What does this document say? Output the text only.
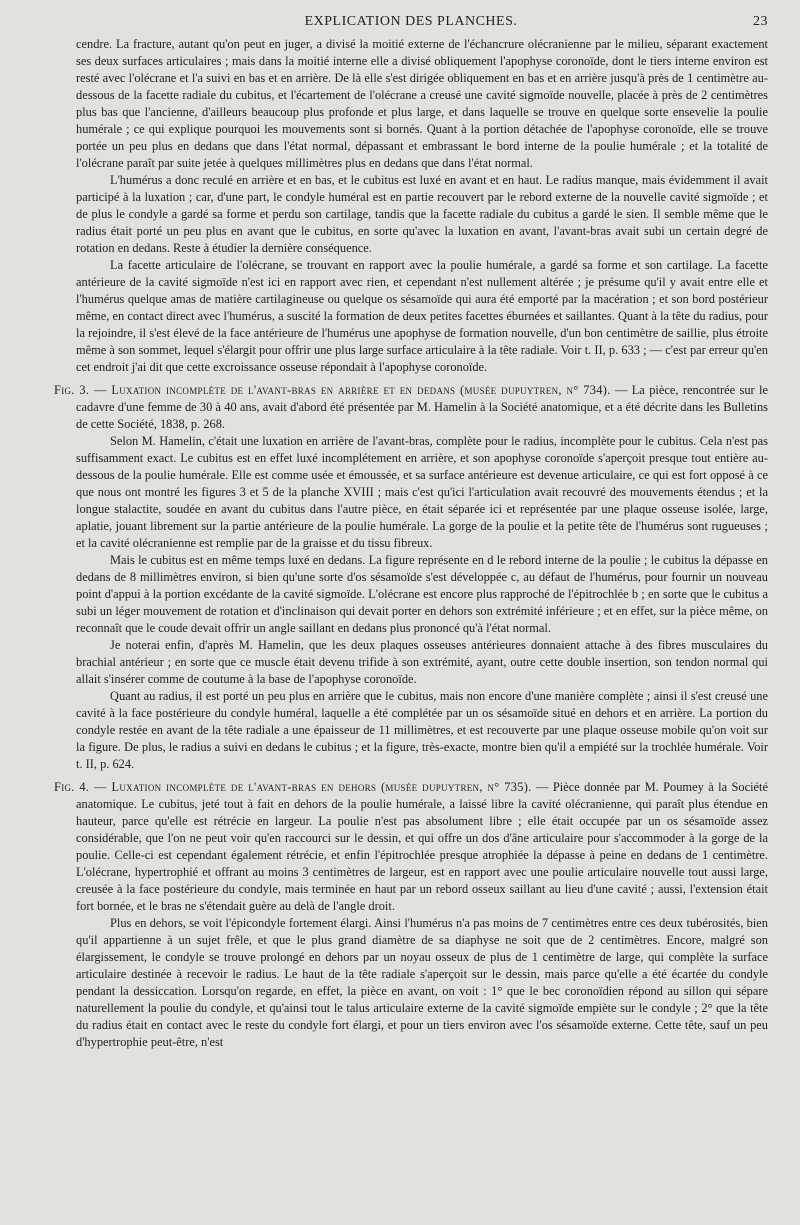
EXPLICATION DES PLANCHES.	23

cendre. La fracture, autant qu'on peut en juger, a divisé la moitié externe de l'échancrure olécranienne par le milieu, séparant exactement ses deux surfaces articulaires ; mais dans la moitié interne elle a divisé obliquement l'apophyse coronoïde, dont le tiers interne environ est resté avec l'olécrane et l'a suivi en bas et en arrière. De là elle s'est dirigée obliquement en bas et en arrière jusqu'à près de 1 centimètre au-dessous de la facette radiale du cubitus, et l'écartement de l'olécrane a creusé une cavité sigmoïde nouvelle, placée à près de 2 centimètres plus bas que l'ancienne, d'ailleurs beaucoup plus profonde et plus large, et dans laquelle se trouve en quelque sorte ensevelie la poulie humérale ; ce qui explique pourquoi les mouvements sont si bornés. Quant à la portion détachée de l'apophyse coronoïde, elle se trouve portée un peu plus en dedans que dans l'état normal, dépassant et embrassant le bord interne de la poulie humérale ; et la totalité de l'olécrane paraît par suite jetée à quelques millimètres plus en dedans que dans l'état normal.

L'humérus a donc reculé en arrière et en bas, et le cubitus est luxé en avant et en haut. Le radius manque, mais évidemment il avait participé à la luxation ; car, d'une part, le condyle huméral est en partie recouvert par le rebord externe de la nouvelle cavité sigmoïde ; et de plus le condyle a gardé sa forme et perdu son cartilage, tandis que la facette radiale du cubitus a gardé le sien. Il semble même que le radius était porté un peu plus en avant que le cubitus, en sorte qu'avec la luxation en avant, l'avant-bras avait subi un certain degré de rotation en dedans. Reste à étudier la dernière conséquence.

La facette articulaire de l'olécrane, se trouvant en rapport avec la poulie humérale, a gardé sa forme et son cartilage. La facette antérieure de la cavité sigmoïde n'est ici en rapport avec rien, et cependant n'est nullement altérée ; je présume qu'il y avait entre elle et l'humérus quelque amas de matière cartilagineuse ou quelque os sésamoïde qui aura été emporté par la macération ; et son bord postérieur même, en contact direct avec l'humérus, a suscité la formation de deux petites facettes éburnées et saillantes. Quant à la tête du radius, pour la rejoindre, il s'est élevé de la face antérieure de l'humérus une apophyse de formation nouvelle, d'un bon centimètre de saillie, plus étroite même à son sommet, lequel s'élargit pour offrir une plus large surface articulaire à la tête radiale. Voir t. II, p. 633 ; — c'est par erreur qu'en cet endroit j'ai dit que cette excroissance osseuse répondait à l'apophyse coronoïde.

Fig. 3. — Luxation incomplète de l'avant-bras en arrière et en dedans (musée dupuytren, n° 734). — La pièce, rencontrée sur le cadavre d'une femme de 30 à 40 ans, avait d'abord été présentée par M. Hamelin à la Société anatomique, et a été décrite dans les Bulletins de cette Société, 1838, p. 268.

Selon M. Hamelin, c'était une luxation en arrière de l'avant-bras, complète pour le radius, incomplète pour le cubitus. Cela n'est pas suffisamment exact. Le cubitus est en effet luxé incomplétement en arrière, et son apophyse coronoïde s'aperçoit presque tout entière au-dessous de la poulie humérale. Elle est comme usée et émoussée, et sa surface antérieure est devenue articulaire, ce qui est fort opposé à ce que nous ont montré les figures 3 et 5 de la planche XVIII ; mais c'est qu'ici l'articulation avait recouvré des mouvements étendus ; et la longue stalactite, soudée en avant du cubitus dans l'autre pièce, en était séparée ici et représentée par une plaque osseuse isolée, large, aplatie, jouant librement sur la partie antérieure de la poulie humérale. La gorge de la poulie et la petite tête de l'humérus sont rugueuses ; et la cavité olécranienne est remplie par de la graisse et du tissu fibreux.

Mais le cubitus est en même temps luxé en dedans. La figure représente en d le rebord interne de la poulie ; le cubitus la dépasse en dedans de 8 millimètres environ, si bien qu'une sorte d'os sésamoïde s'est développée c, au défaut de l'humérus, pour fournir un nouveau point d'appui à la portion excédante de la cavité sigmoïde. L'olécrane est encore plus rapproché de l'épitrochlée b ; en sorte que le cubitus a subi un léger mouvement de rotation et d'inclinaison qui devait porter en dehors son extrémité inférieure ; et en effet, sur la pièce même, on reconnaît que le coude devait offrir un angle saillant en dedans plus prononcé qu'à l'état normal.

Je noterai enfin, d'après M. Hamelin, que les deux plaques osseuses antérieures donnaient attache à des fibres musculaires du brachial antérieur ; en sorte que ce muscle était devenu trifide à son extrémité, ayant, outre cette double insertion, son tendon normal qui allait s'insérer comme de coutume à la base de l'apophyse coronoïde.

Quant au radius, il est porté un peu plus en arrière que le cubitus, mais non encore d'une manière complète ; ainsi il s'est creusé une cavité à la face postérieure du condyle huméral, laquelle a été complétée par un os sésamoïde situé en dehors et en arrière. La portion du condyle restée en avant de la tête radiale a une épaisseur de 11 millimètres, et est recouverte par une plaque osseuse mobile qu'on voit sur la figure. De plus, le radius a suivi en dedans le cubitus ; et la figure, très-exacte, montre bien qu'il a empiété sur la trochlée humérale. Voir t. II, p. 624.

Fig. 4. — Luxation incomplète de l'avant-bras en dehors (musée dupuytren, n° 735). — Pièce donnée par M. Poumey à la Société anatomique. Le cubitus, jeté tout à fait en dehors de la poulie humérale, a laissé libre la cavité olécranienne, qui paraît plus étendue en hauteur, parce qu'elle est rétrécie en largeur. La poulie n'est pas absolument libre ; elle était occupée par un os sésamoïde assez considérable, que l'on ne peut voir qu'en raccourci sur le dessin, et qui offre un dos d'âne articulaire pour s'accommoder à la gorge de la poulie. Celle-ci est cependant également rétrécie, et enfin l'épitrochlée presque atrophiée la dépasse à peine en dedans de 1 centimètre. L'olécrane, hypertrophié et offrant au moins 3 centimètres de largeur, est en rapport avec une poulie articulaire nouvelle tout aussi large, creusée à la face postérieure du condyle, mais terminée en haut par un rebord osseux saillant au lieu d'une cavité ; aussi, l'extension était fort bornée, et le bras ne s'étendait guère au delà de l'angle droit.

Plus en dehors, se voit l'épicondyle fortement élargi. Ainsi l'humérus n'a pas moins de 7 centimètres entre ces deux tubérosités, bien qu'il appartienne à un sujet frêle, et que le plus grand diamètre de sa diaphyse ne soit que de 2 centimètres. Encore, malgré son élargissement, le condyle se trouve prolongé en dehors par un noyau osseux de plus de 1 centimètre de large, qui complète la surface articulaire destinée à recevoir le radius. Le haut de la tête radiale s'aperçoit sur le dessin, mais parce qu'elle a été écartée du condyle pendant la dessiccation. Lorsqu'on regarde, en effet, la pièce en avant, on voit : 1° que le bec coronoïdien répond au sillon qui sépare naturellement la poulie du condyle, et qu'ainsi tout le talus articulaire externe de la cavité sigmoïde empiète sur le condyle ; 2° que la tête du radius était en contact avec le reste du condyle fort élargi, et pour un tiers environ avec l'os sésamoïde externe. Cette tête, sauf un peu d'hypertrophie peut-être, n'est
